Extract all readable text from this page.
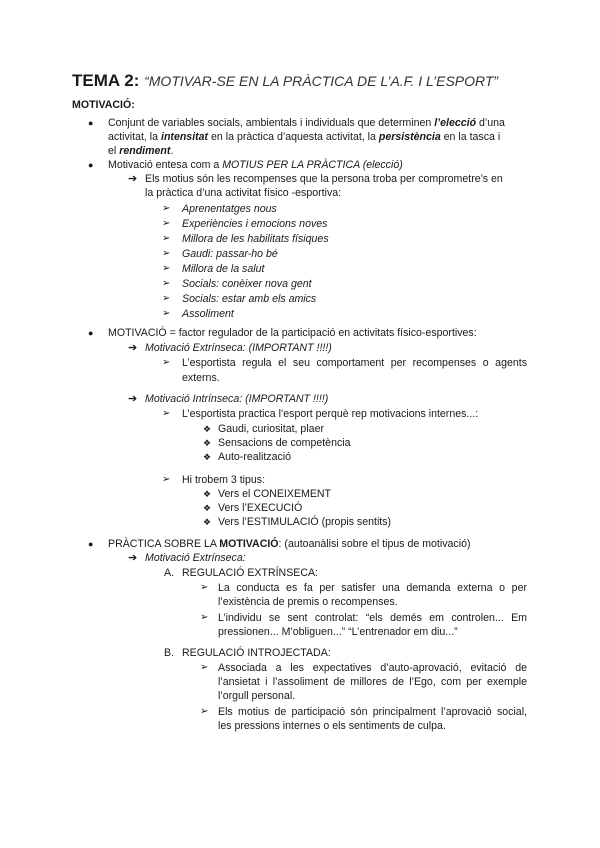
TEMA 2: “MOTIVAR-SE EN LA PRÀCTICA DE L’A.F. I L’ESPORT”
MOTIVACIÓ:
● Conjunt de variables socials, ambientals i individuals que determinen l’elecció d’una
activitat, la intensitat en la pràctica d’aquesta activitat, la persistència en la tasca i
el rendiment.
● Motivació entesa com a MOTIUS PER LA PRÀCTICA (elecció)
➔ Els motius són les recompenses que la persona troba per comprometre’s en
la pràctica d’una activitat físico -esportiva:
➢ Aprenentatges nous
➢ Experiències i emocions noves
➢ Millora de les habilitats físiques
➢ Gaudi: passar-ho bé
➢ Millora de la salut
➢ Socials: conèixer nova gent
➢ Socials: estar amb els amics
➢ Assoliment
● MOTIVACIÓ = factor regulador de la participació en activitats físico-esportives:
➔ Motivació Extrínseca: (IMPORTANT !!!!)
➢ L’esportista regula el seu comportament per recompenses o agents
externs.
➔ Motivació Intrínseca: (IMPORTANT !!!!)
➢ L’esportista practica l’esport perquè rep motivacions internes...:
❖ Gaudi, curiositat, plaer
❖ Sensacions de competència
❖ Auto-realització
➢ Hi trobem 3 tipus:
❖ Vers el CONEIXEMENT
❖ Vers l’EXECUCIÓ
❖ Vers l’ESTIMULACIÓ (propis sentits)
● PRÀCTICA SOBRE LA MOTIVACIÓ: (autoanàlisi sobre el tipus de motivació)
➔ Motivació Extrínseca:
A. REGULACIÓ EXTRÍNSECA:
➢ La conducta es fa per satisfer una demanda externa o per
l’existència de premis o recompenses.
➢ L’individu se sent controlat: “els demés em controlen... Em
pressionen... M’obliguen...” “L’entrenador em diu...”
B. REGULACIÓ INTROJECTADA:
➢ Associada a les expectatives d’auto-aprovació, evitació de
l’ansietat i l’assoliment de millores de l’Ego, com per exemple
l’orgull personal.
➢ Els motius de participació són principalment l’aprovació social,
les pressions internes o els sentiments de culpa.
